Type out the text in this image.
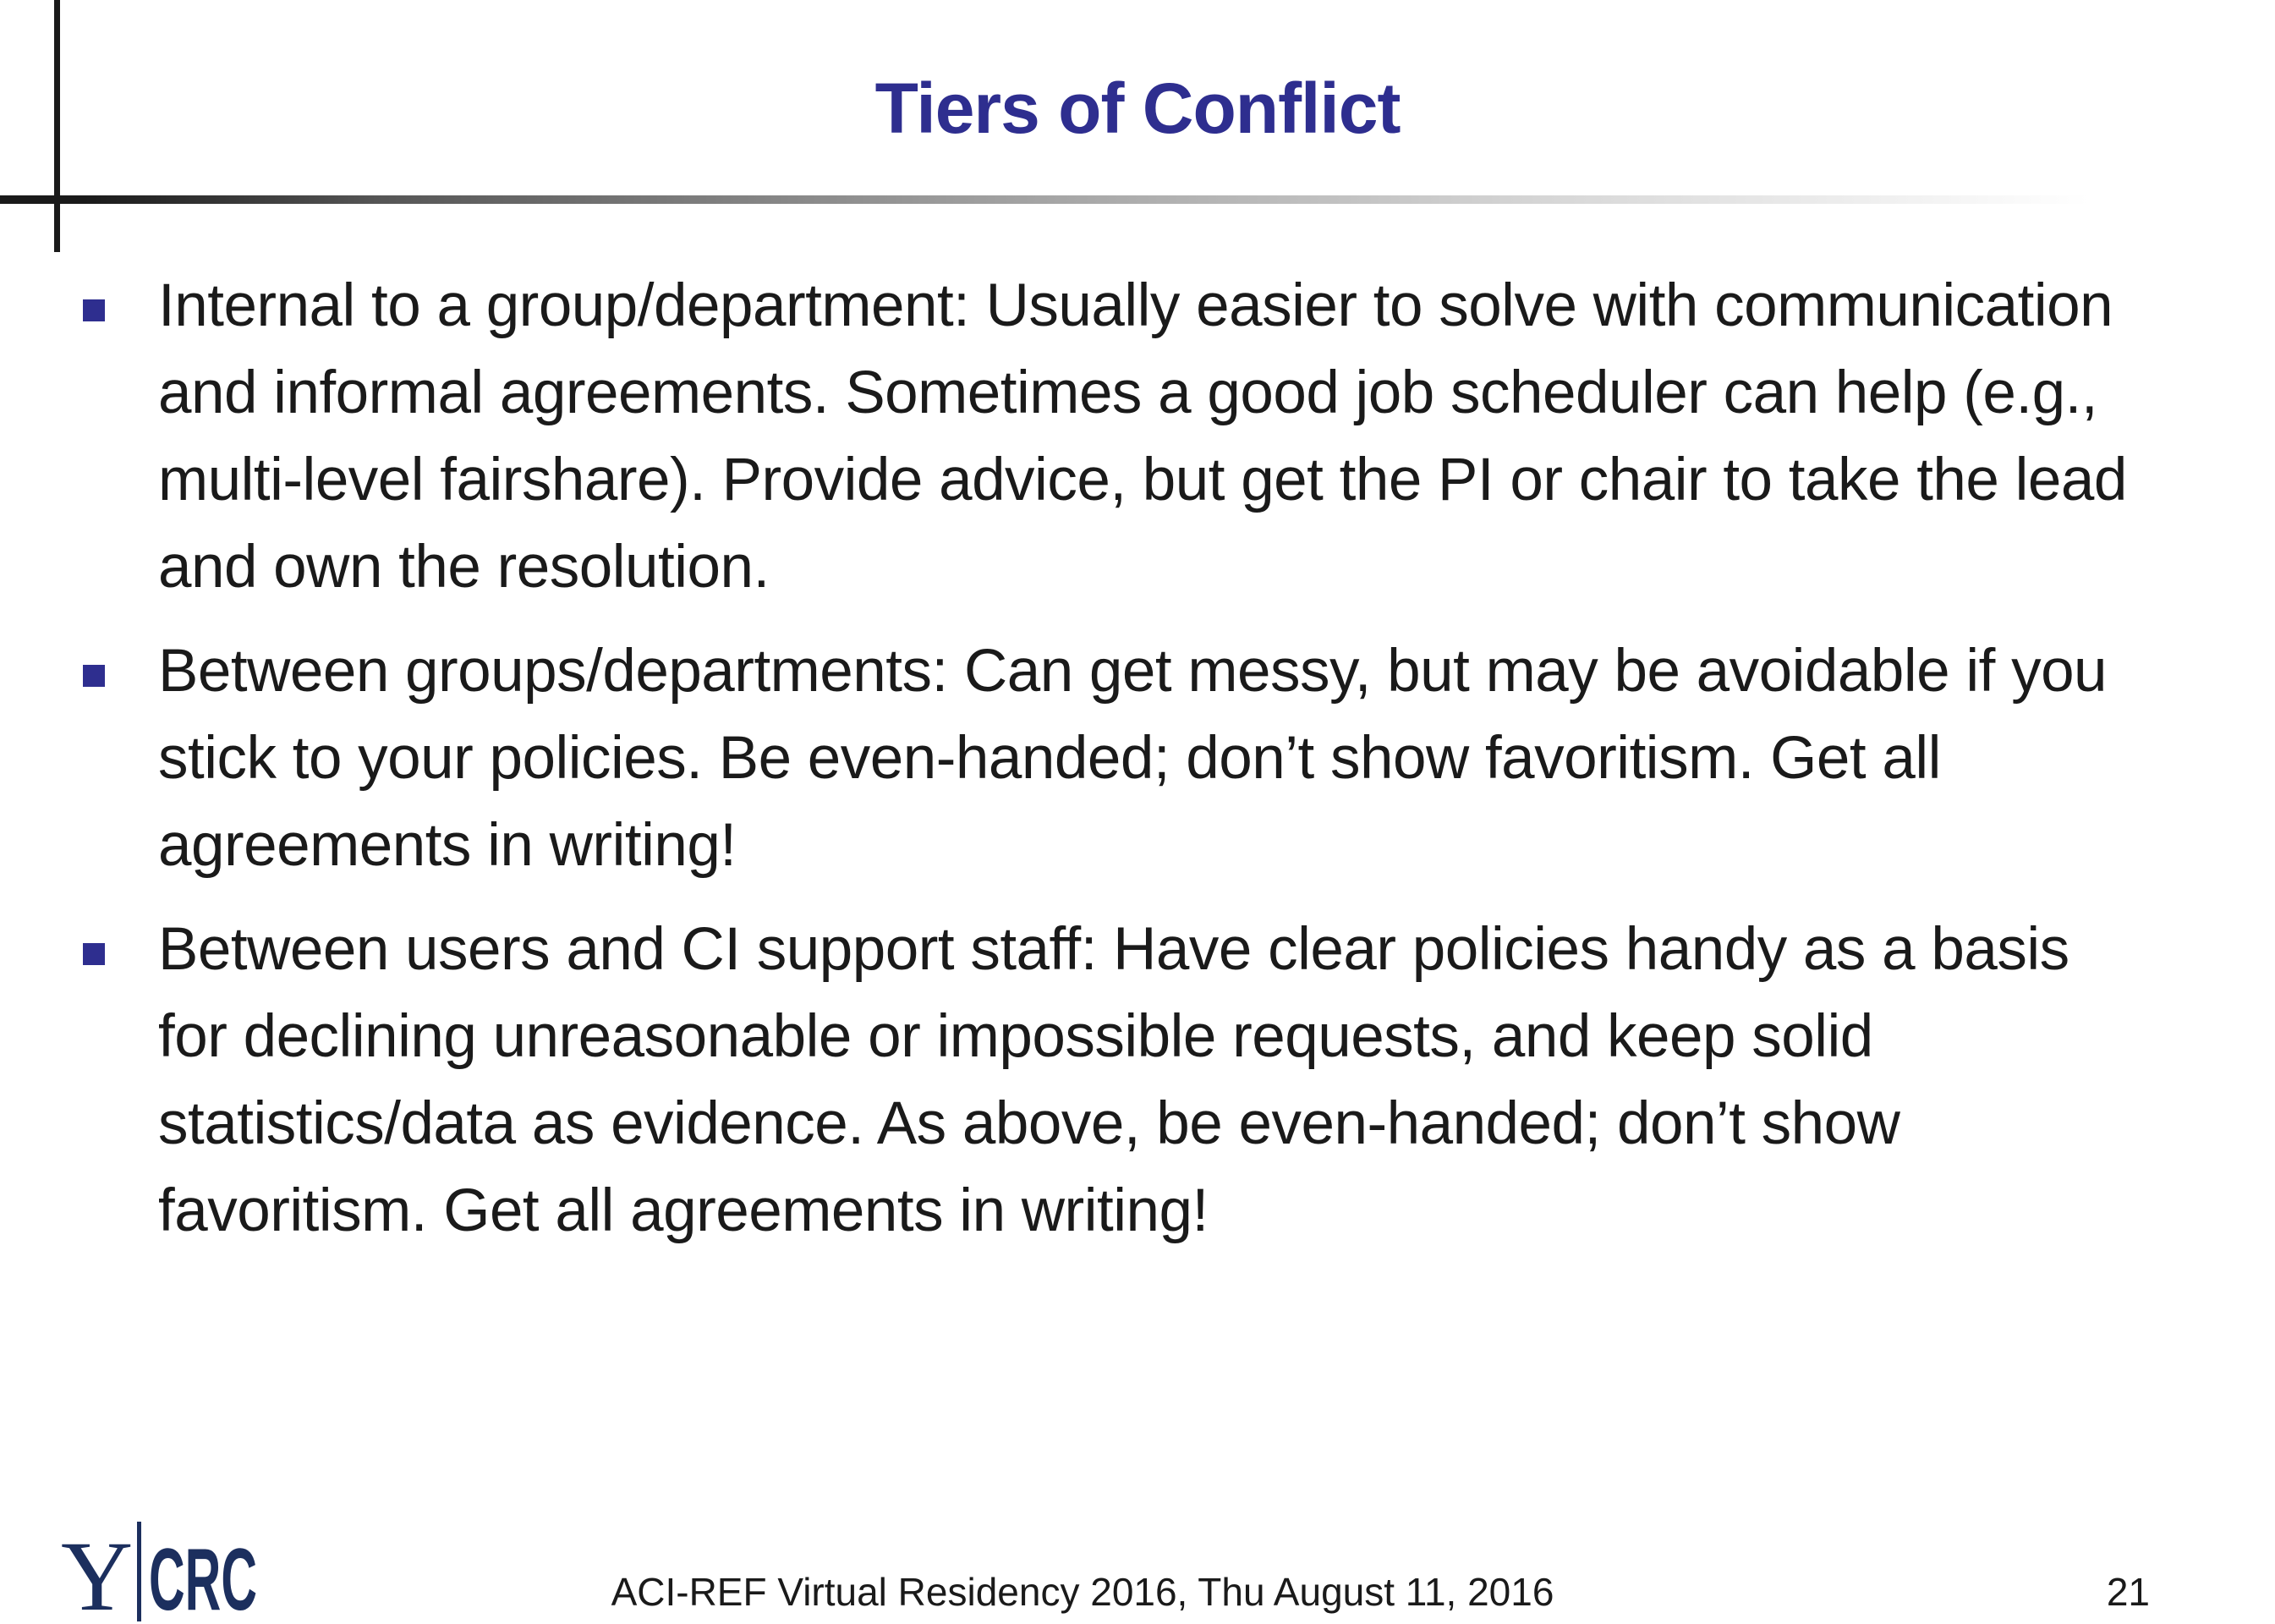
Tiers of Conflict
Internal to a group/department: Usually easier to solve with communication and informal agreements. Sometimes a good job scheduler can help (e.g., multi-level fairshare). Provide advice, but get the PI or chair to take the lead and own the resolution.
Between groups/departments: Can get messy, but may be avoidable if you stick to your policies. Be even-handed; don’t show favoritism. Get all agreements in writing!
Between users and CI support staff: Have clear policies handy as a basis for declining unreasonable or impossible requests, and keep solid statistics/data as evidence. As above, be even-handed; don’t show favoritism. Get all agreements in writing!
Y CRC	ACI-REF Virtual Residency 2016, Thu August 11, 2016	21
